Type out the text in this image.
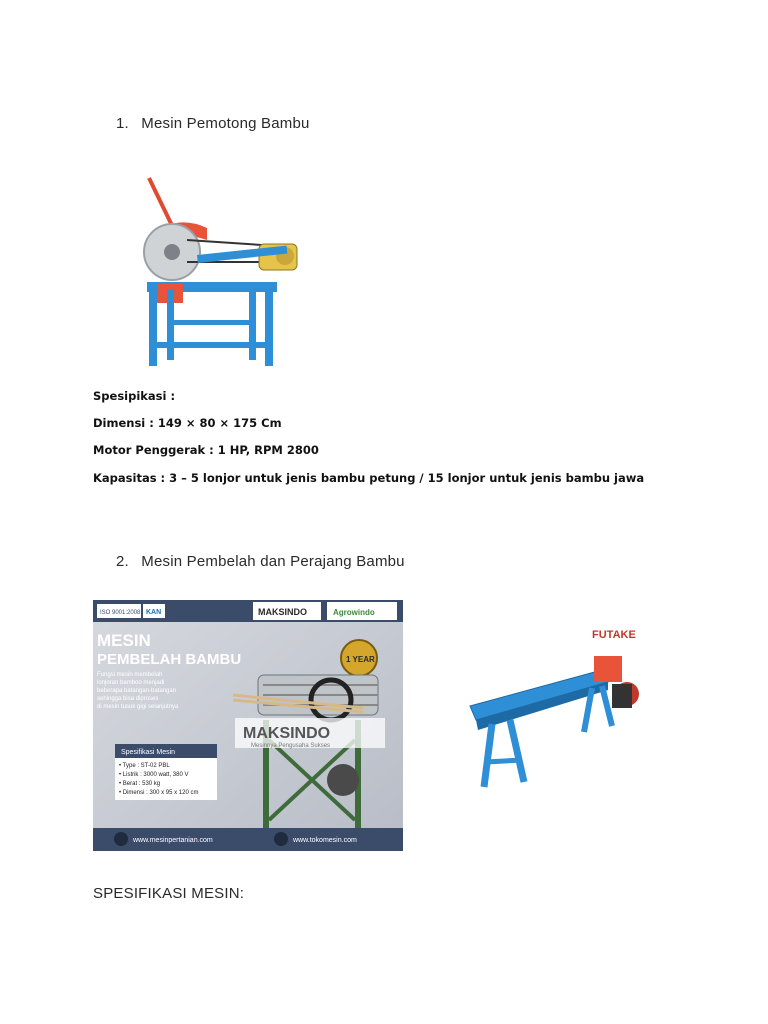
1. Mesin Pemotong Bambu
Spesipikasi :
Dimensi : 149 × 80 × 175 Cm
Motor Penggerak : 1 HP, RPM 2800
Kapasitas : 3 – 5 lonjor untuk jenis bambu petung / 15 lonjor untuk jenis bambu jawa
2. Mesin Pembelah dan Perajang Bambu
ISO 9001:2008 KAN	MAKSINDO	Agrowindo
MESIN
PEMBELAH BAMBU
Fungsi mesin membelah
lonjoran bamboo menjadi
beberapa batangan-batangan
sehingga bisa diproses
di mesin tusuk gigi selanjutnya
1 YEAR
MAKSINDO
Mesinnya Pengusaha Sukses
Spesifikasi Mesin
• Type : ST-02 PBL
• Listrik : 3000 watt, 380 V
• Berat : 530 kg
• Dimensi : 300 x 95 x 120 cm
www.mesinpertanian.com	www.tokomesin.com
FUTAKE
SPESIFIKASI MESIN:
